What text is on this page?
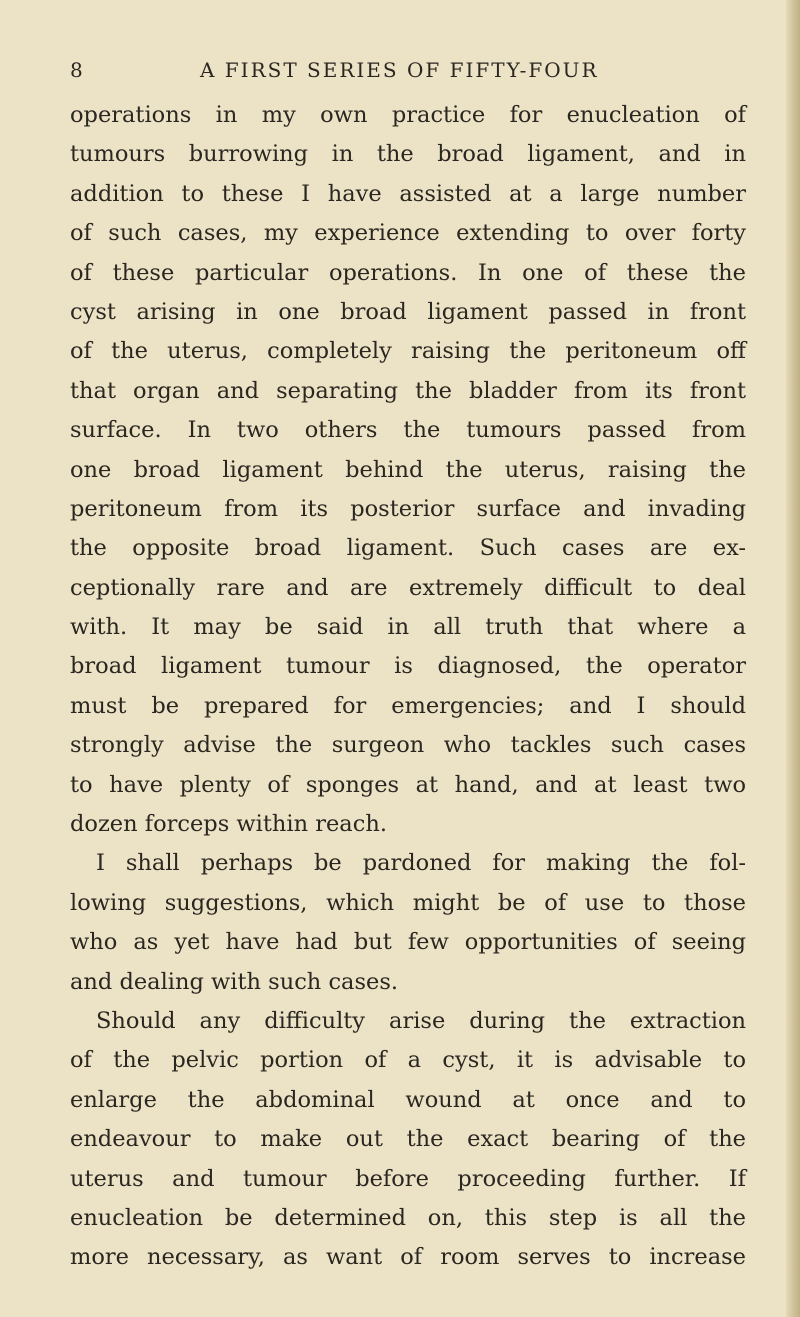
8	A FIRST SERIES OF FIFTY-FOUR
operations in my own practice for enucleation of
tumours burrowing in the broad ligament, and in
addition to these I have assisted at a large number
of such cases, my experience extending to over forty
of these particular operations. In one of these the
cyst arising in one broad ligament passed in front
of the uterus, completely raising the peritoneum off
that organ and separating the bladder from its front
surface. In two others the tumours passed from
one broad ligament behind the uterus, raising the
peritoneum from its posterior surface and invading
the opposite broad ligament. Such cases are ex-
ceptionally rare and are extremely difficult to deal
with. It may be said in all truth that where a
broad ligament tumour is diagnosed, the operator
must be prepared for emergencies; and I should
strongly advise the surgeon who tackles such cases
to have plenty of sponges at hand, and at least two
dozen forceps within reach.
I shall perhaps be pardoned for making the fol-
lowing suggestions, which might be of use to those
who as yet have had but few opportunities of seeing
and dealing with such cases.
Should any difficulty arise during the extraction
of the pelvic portion of a cyst, it is advisable to
enlarge the abdominal wound at once and to
endeavour to make out the exact bearing of the
uterus and tumour before proceeding further. If
enucleation be determined on, this step is all the
more necessary, as want of room serves to increase
